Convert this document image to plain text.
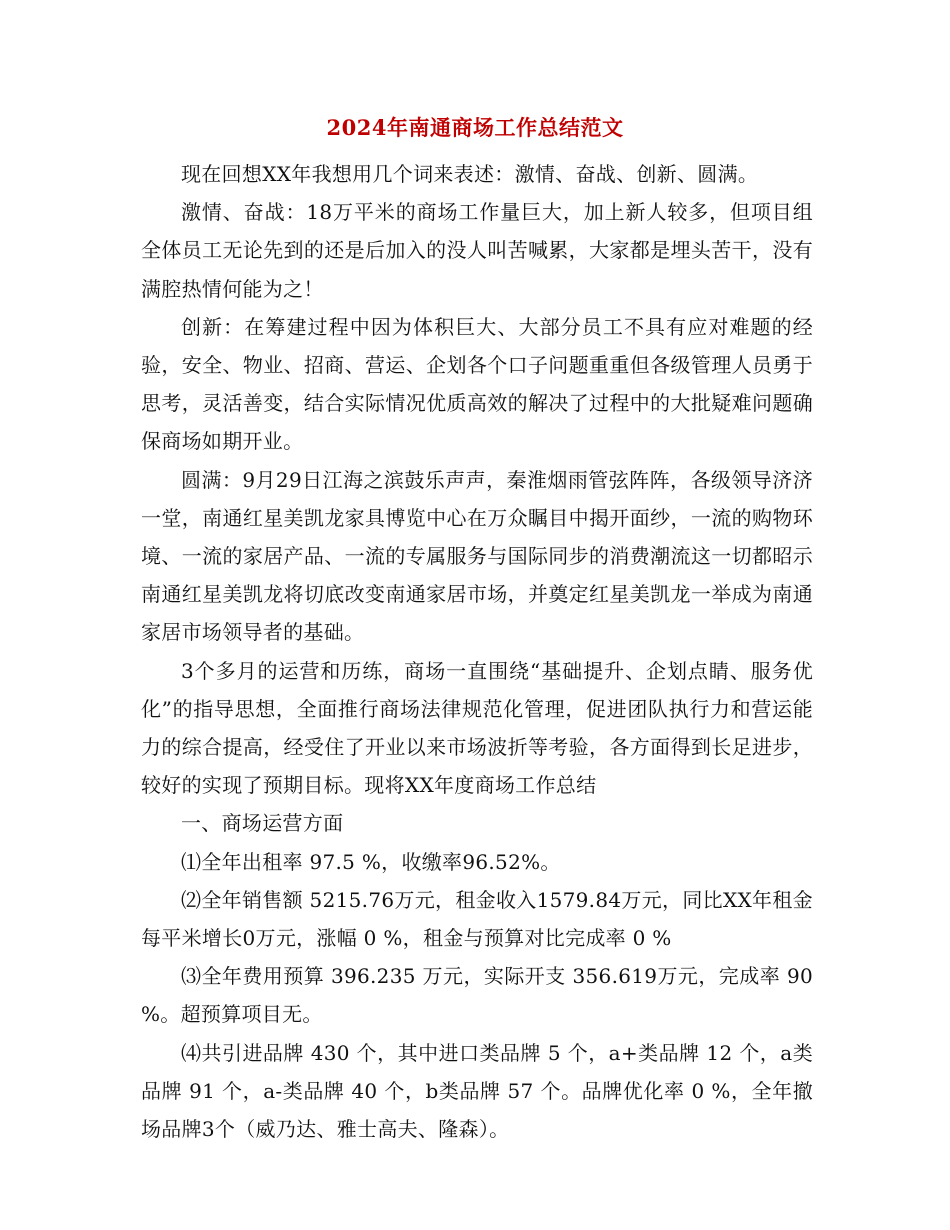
2024年南通商场工作总结范文

现在回想XX年我想用几个词来表述：激情、奋战、创新、圆满。

激情、奋战：18万平米的商场工作量巨大，加上新人较多，但项目组全体员工无论先到的还是后加入的没人叫苦喊累，大家都是埋头苦干，没有满腔热情何能为之！

创新：在筹建过程中因为体积巨大、大部分员工不具有应对难题的经验，安全、物业、招商、营运、企划各个口子问题重重但各级管理人员勇于思考，灵活善变，结合实际情况优质高效的解决了过程中的大批疑难问题确保商场如期开业。

圆满：9月29日江海之滨鼓乐声声，秦淮烟雨管弦阵阵，各级领导济济一堂，南通红星美凯龙家具博览中心在万众瞩目中揭开面纱，一流的购物环境、一流的家居产品、一流的专属服务与国际同步的消费潮流这一切都昭示南通红星美凯龙将切底改变南通家居市场，并奠定红星美凯龙一举成为南通家居市场领导者的基础。

3个多月的运营和历练，商场一直围绕“基础提升、企划点睛、服务优化”的指导思想，全面推行商场法律规范化管理，促进团队执行力和营运能力的综合提高，经受住了开业以来市场波折等考验，各方面得到长足进步，较好的实现了预期目标。现将XX年度商场工作总结

一、商场运营方面

⑴全年出租率 97.5 %，收缴率96.52%。

⑵全年销售额 5215.76万元，租金收入1579.84万元，同比XX年租金每平米增长0万元，涨幅 0 %，租金与预算对比完成率 0 %

⑶全年费用预算 396.235 万元，实际开支 356.619万元，完成率 90 %。超预算项目无。

⑷共引进品牌 430 个，其中进口类品牌 5 个，a+类品牌 12 个，a类品牌 91 个，a-类品牌 40 个，b类品牌 57 个。品牌优化率 0 %，全年撤场品牌3个（威乃达、雅士高夫、隆森）。
